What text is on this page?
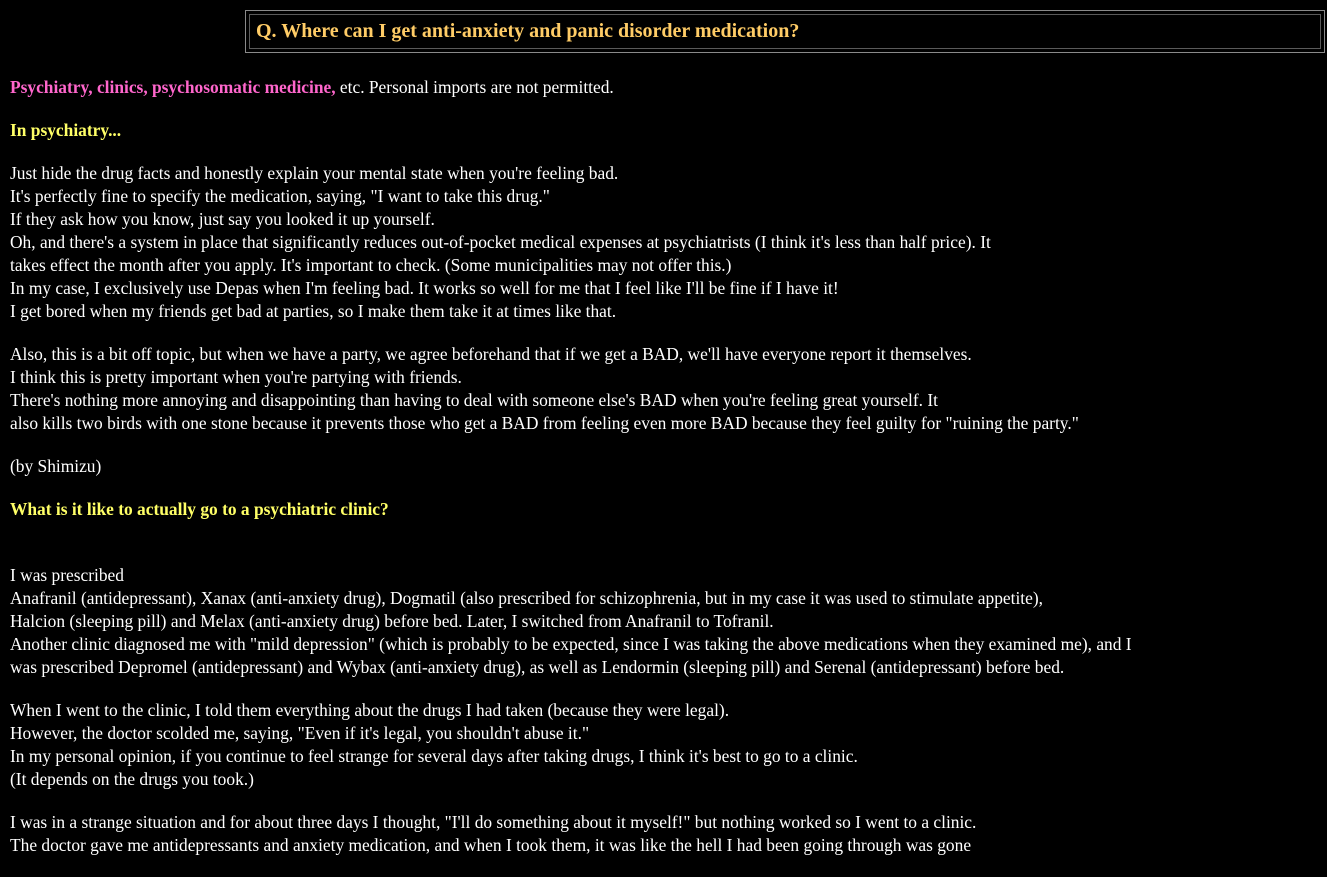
Q. Where can I get anti-anxiety and panic disorder medication?

Psychiatry, clinics, psychosomatic medicine, etc. Personal imports are not permitted.

In psychiatry...

Just hide the drug facts and honestly explain your mental state when you're feeling bad.
It's perfectly fine to specify the medication, saying, "I want to take this drug."
If they ask how you know, just say you looked it up yourself.
Oh, and there's a system in place that significantly reduces out-of-pocket medical expenses at psychiatrists (I think it's less than half price). It
takes effect the month after you apply. It's important to check. (Some municipalities may not offer this.)
In my case, I exclusively use Depas when I'm feeling bad. It works so well for me that I feel like I'll be fine if I have it!
I get bored when my friends get bad at parties, so I make them take it at times like that.

Also, this is a bit off topic, but when we have a party, we agree beforehand that if we get a BAD, we'll have everyone report it themselves.
I think this is pretty important when you're partying with friends.
There's nothing more annoying and disappointing than having to deal with someone else's BAD when you're feeling great yourself. It
also kills two birds with one stone because it prevents those who get a BAD from feeling even more BAD because they feel guilty for "ruining the party."

(by Shimizu)

What is it like to actually go to a psychiatric clinic?

I was prescribed
Anafranil (antidepressant), Xanax (anti-anxiety drug), Dogmatil (also prescribed for schizophrenia, but in my case it was used to stimulate appetite),
Halcion (sleeping pill) and Melax (anti-anxiety drug) before bed. Later, I switched from Anafranil to Tofranil.
Another clinic diagnosed me with "mild depression" (which is probably to be expected, since I was taking the above medications when they examined me), and I
was prescribed Depromel (antidepressant) and Wybax (anti-anxiety drug), as well as Lendormin (sleeping pill) and Serenal (antidepressant) before bed.

When I went to the clinic, I told them everything about the drugs I had taken (because they were legal).
However, the doctor scolded me, saying, "Even if it's legal, you shouldn't abuse it."
In my personal opinion, if you continue to feel strange for several days after taking drugs, I think it's best to go to a clinic.
(It depends on the drugs you took.)

I was in a strange situation and for about three days I thought, "I'll do something about it myself!" but nothing worked so I went to a clinic.
The doctor gave me antidepressants and anxiety medication, and when I took them, it was like the hell I had been going through was gone
